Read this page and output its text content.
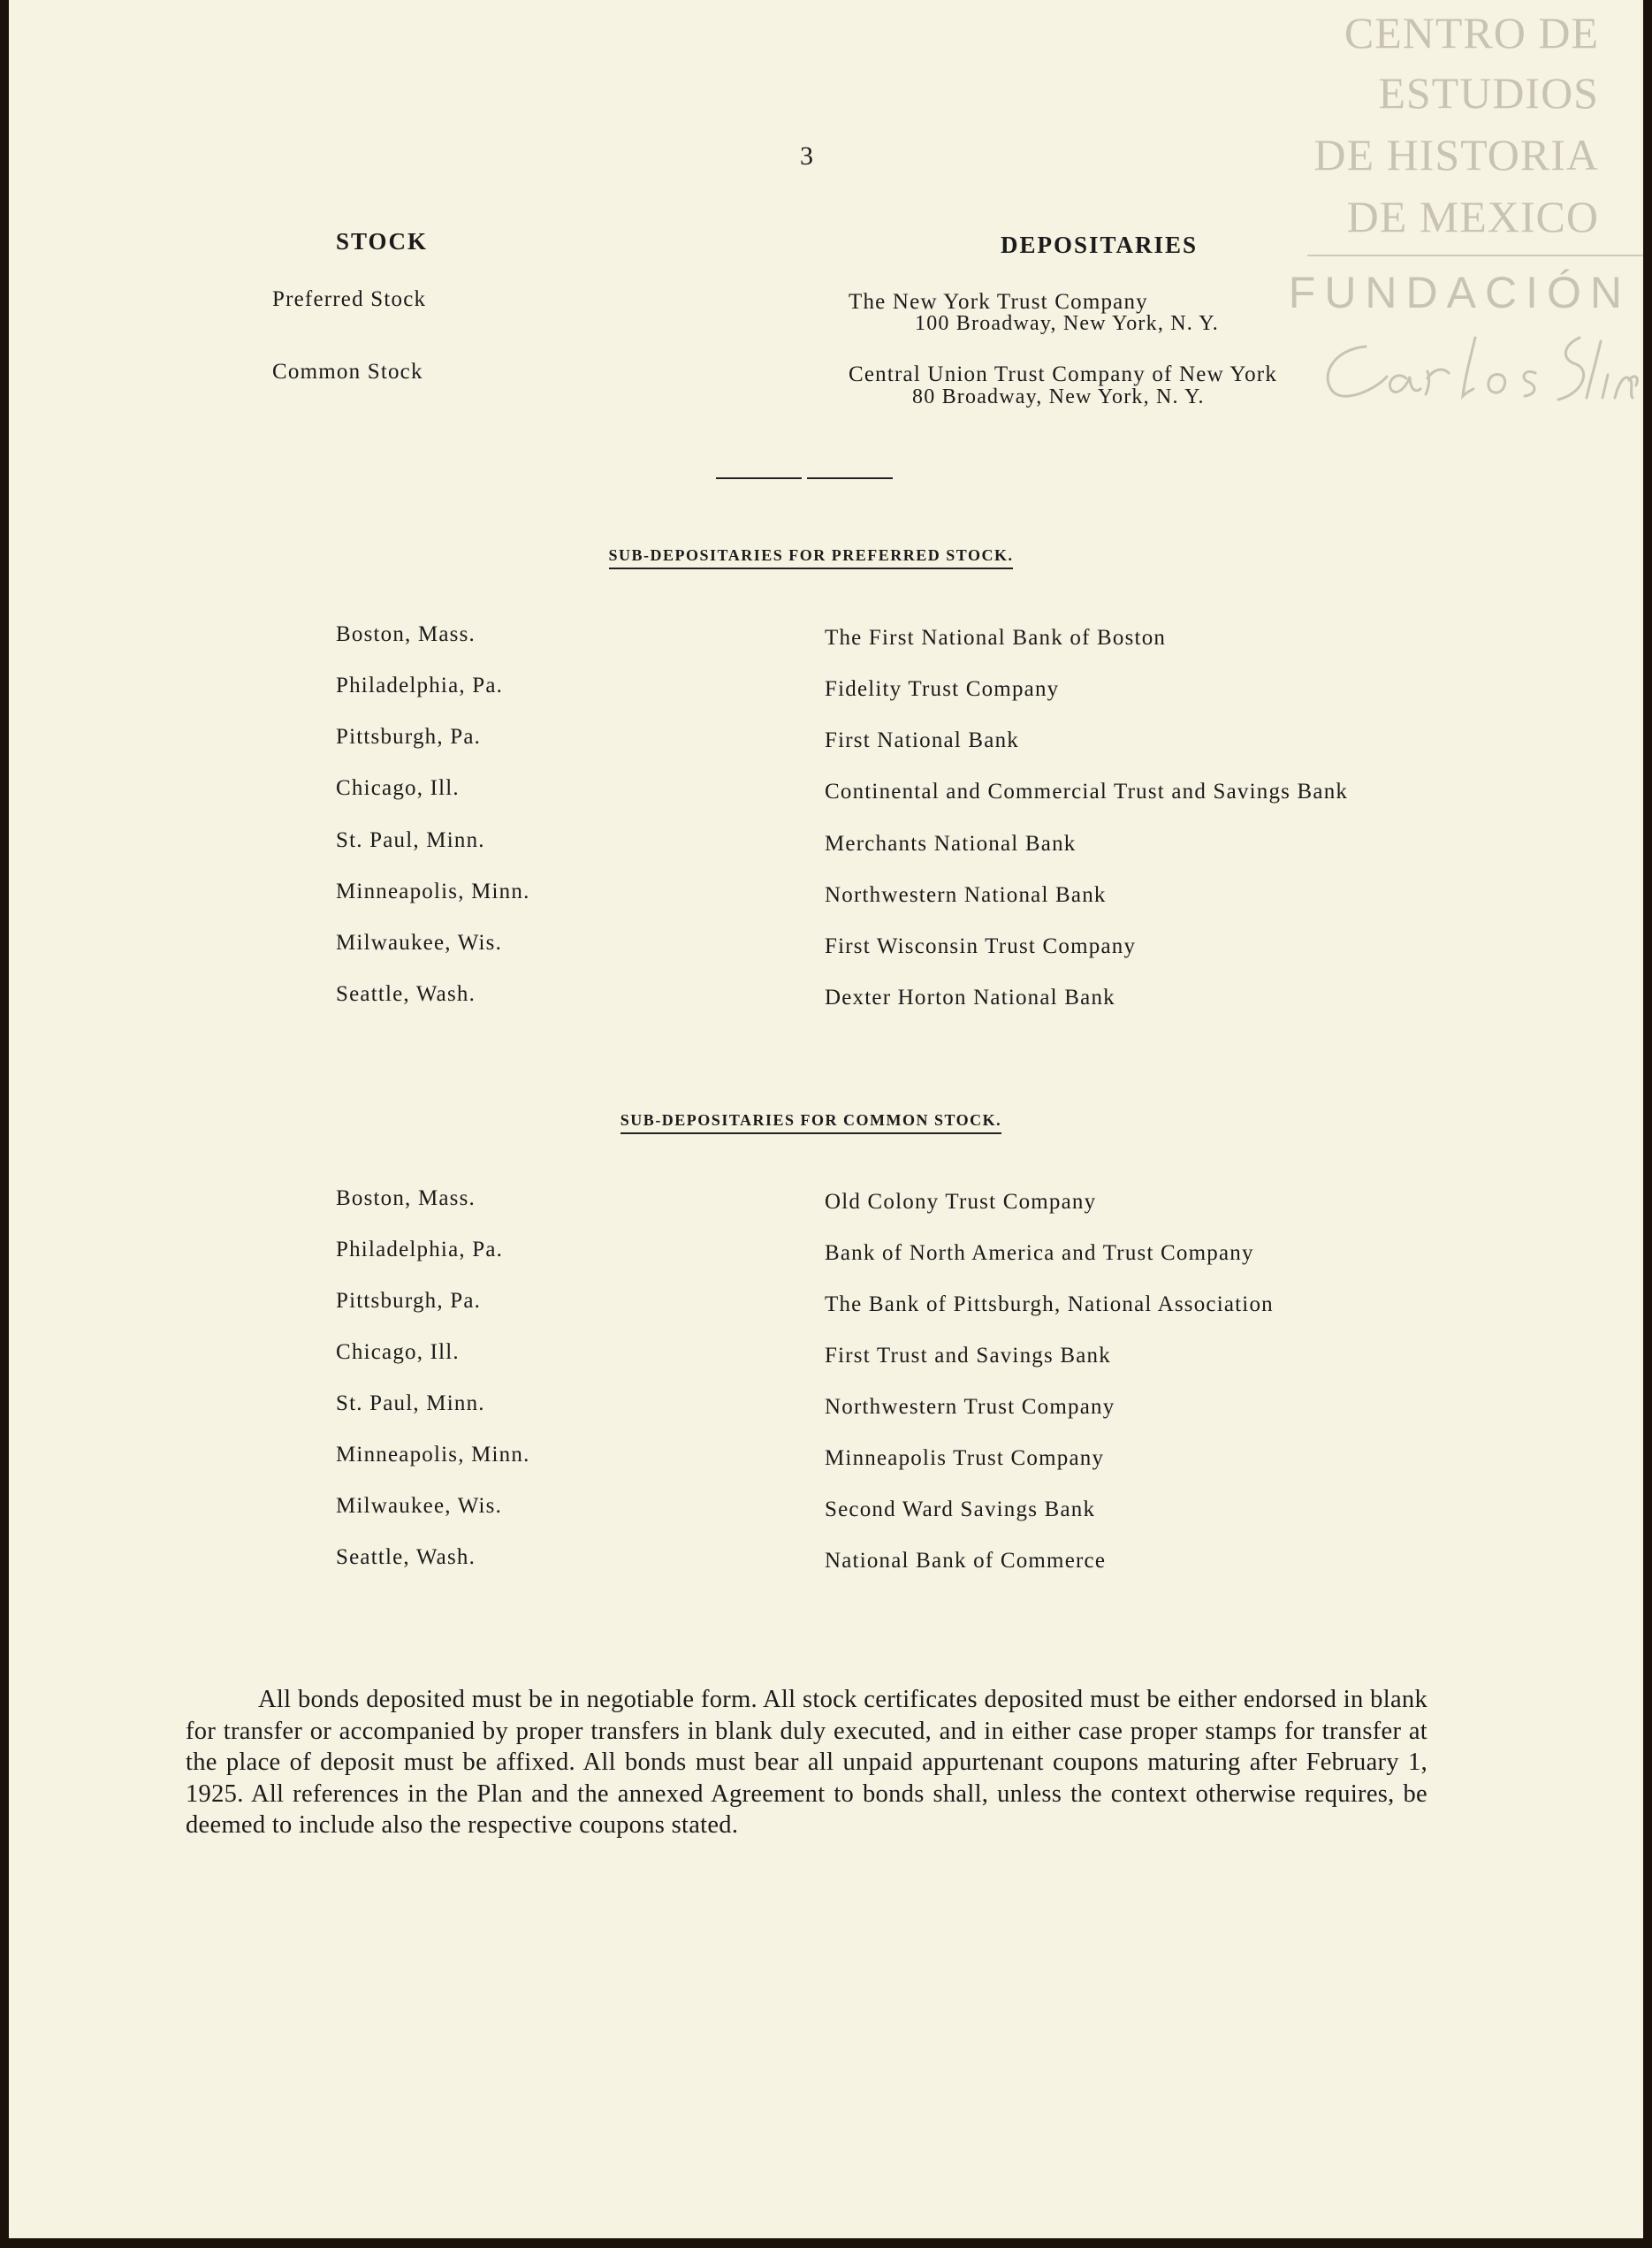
CENTRO DE
ESTUDIOS
DE HISTORIA
DE MEXICO
FUNDACIÓN
3
STOCK	DEPOSITARIES
Preferred Stock	The New York Trust Company
100 Broadway, New York, N. Y.
Common Stock	Central Union Trust Company of New York
80 Broadway, New York, N. Y.
SUB-DEPOSITARIES FOR PREFERRED STOCK.
Boston, Mass.	The First National Bank of Boston
Philadelphia, Pa.	Fidelity Trust Company
Pittsburgh, Pa.	First National Bank
Chicago, Ill.	Continental and Commercial Trust and Savings Bank
St. Paul, Minn.	Merchants National Bank
Minneapolis, Minn.	Northwestern National Bank
Milwaukee, Wis.	First Wisconsin Trust Company
Seattle, Wash.	Dexter Horton National Bank
SUB-DEPOSITARIES FOR COMMON STOCK.
Boston, Mass.	Old Colony Trust Company
Philadelphia, Pa.	Bank of North America and Trust Company
Pittsburgh, Pa.	The Bank of Pittsburgh, National Association
Chicago, Ill.	First Trust and Savings Bank
St. Paul, Minn.	Northwestern Trust Company
Minneapolis, Minn.	Minneapolis Trust Company
Milwaukee, Wis.	Second Ward Savings Bank
Seattle, Wash.	National Bank of Commerce

All bonds deposited must be in negotiable form. All stock certificates deposited must be either endorsed in blank for transfer or accompanied by proper transfers in blank duly executed, and in either case proper stamps for transfer at the place of deposit must be affixed. All bonds must bear all unpaid appurtenant coupons maturing after February 1, 1925. All references in the Plan and the annexed Agreement to bonds shall, unless the context otherwise requires, be deemed to include also the respective coupons stated.
